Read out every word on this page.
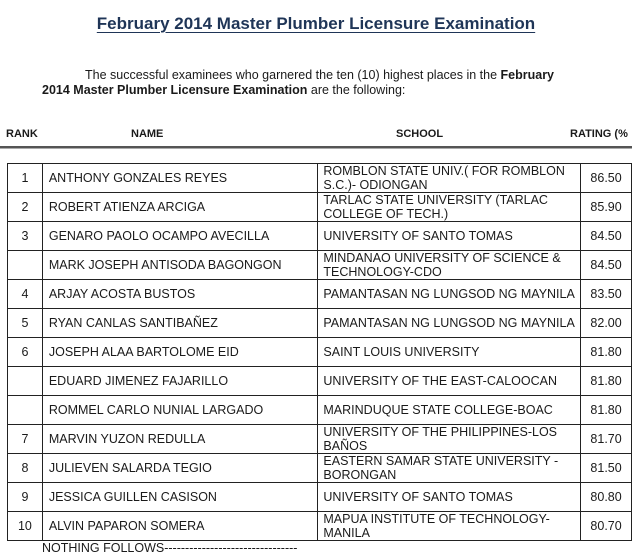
February 2014 Master Plumber Licensure Examination
The successful examinees who garnered the ten (10) highest places in the February
2014 Master Plumber Licensure Examination are the following:
RANK	NAME	SCHOOL	RATING (%
1	ANTHONY GONZALES REYES	ROMBLON STATE UNIV.( FOR ROMBLON S.C.)- ODIONGAN	86.50
2	ROBERT ATIENZA ARCIGA	TARLAC STATE UNIVERSITY (TARLAC COLLEGE OF TECH.)	85.90
3	GENARO PAOLO OCAMPO AVECILLA	UNIVERSITY OF SANTO TOMAS	84.50
	MARK JOSEPH ANTISODA BAGONGON	MINDANAO UNIVERSITY OF SCIENCE & TECHNOLOGY-CDO	84.50
4	ARJAY ACOSTA BUSTOS	PAMANTASAN NG LUNGSOD NG MAYNILA	83.50
5	RYAN CANLAS SANTIBAÑEZ	PAMANTASAN NG LUNGSOD NG MAYNILA	82.00
6	JOSEPH ALAA BARTOLOME EID	SAINT LOUIS UNIVERSITY	81.80
	EDUARD JIMENEZ FAJARILLO	UNIVERSITY OF THE EAST-CALOOCAN	81.80
	ROMMEL CARLO NUNIAL LARGADO	MARINDUQUE STATE COLLEGE-BOAC	81.80
7	MARVIN YUZON REDULLA	UNIVERSITY OF THE PHILIPPINES-LOS BAÑOS	81.70
8	JULIEVEN SALARDA TEGIO	EASTERN SAMAR STATE UNIVERSITY - BORONGAN	81.50
9	JESSICA GUILLEN CASISON	UNIVERSITY OF SANTO TOMAS	80.80
10	ALVIN PAPARON SOMERA	MAPUA INSTITUTE OF TECHNOLOGY-MANILA	80.70
NOTHING FOLLOWS--------------------------------
